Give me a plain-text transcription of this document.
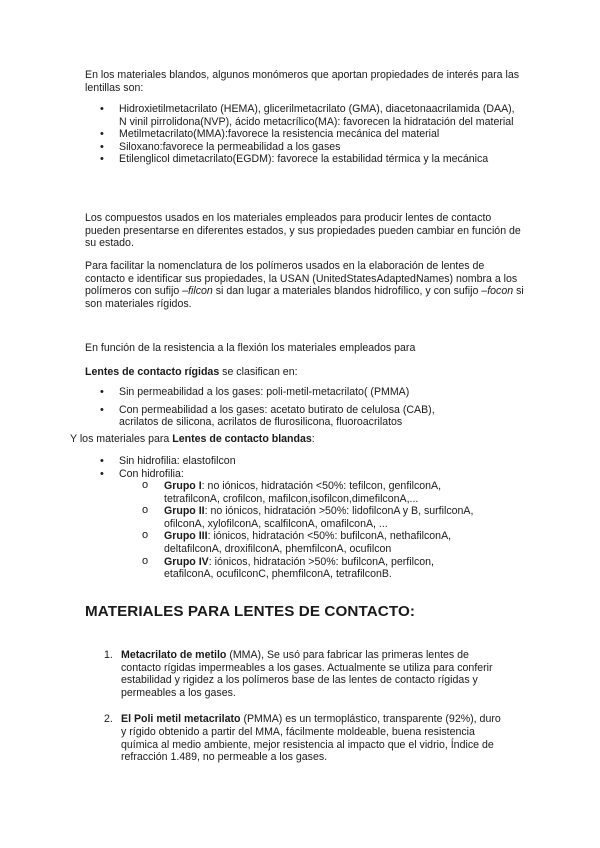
En los materiales blandos, algunos monómeros que aportan propiedades de interés para las lentillas son:

• Hidroxietilmetacrilato (HEMA), glicerilmetacrilato (GMA), diacetonaacrilamida (DAA), N vinil pirrolidona(NVP), ácido metacrílico(MA): favorecen la hidratación del material
• Metilmetacrilato(MMA):favorece la resistencia mecánica del material
• Siloxano:favorece la permeabilidad a los gases
• Etilenglicol dimetacrilato(EGDM): favorece la estabilidad térmica y la mecánica

Los compuestos usados en los materiales empleados para producir lentes de contacto pueden presentarse en diferentes estados, y sus propiedades pueden cambiar en función de su estado.

Para facilitar la nomenclatura de los polímeros usados en la elaboración de lentes de contacto e identificar sus propiedades, la USAN (UnitedStatesAdaptedNames) nombra a los polímeros con sufijo –filcon si dan lugar a materiales blandos hidrofílico, y con sufijo –focon si son materiales rígidos.

En función de la resistencia a la flexión los materiales empleados para

Lentes de contacto rígidas se clasifican en:

• Sin permeabilidad a los gases: poli-metil-metacrilato( (PMMA)
• Con permeabilidad a los gases: acetato butirato de celulosa (CAB), acrilatos de silicona, acrilatos de flurosilicona, fluoroacrilatos

Y los materiales para Lentes de contacto blandas:

• Sin hidrofilia: elastofilcon
• Con hidrofilia:
o Grupo I: no iónicos, hidratación <50%: tefilcon, genfilconA, tetrafilconA, crofilcon, mafilcon,isofilcon,dimefilconA,...
o Grupo II: no iónicos, hidratación >50%: lidofilconA y B, surfilconA, ofilconA, xylofilconA, scalfilconA, omafilconA, ...
o Grupo III: iónicos, hidratación <50%: bufilconA, nethafilconA, deltafilconA, droxifilconA, phemfilconA, ocufilcon
o Grupo IV: iónicos, hidratación >50%: bufilconA, perfilcon, etafilconA, ocufilconC, phemfilconA, tetrafilconB.
MATERIALES PARA LENTES DE CONTACTO:
1. Metacrilato de metilo (MMA), Se usó para fabricar las primeras lentes de contacto rígidas impermeables a los gases. Actualmente se utiliza para conferir estabilidad y rigidez a los polímeros base de las lentes de contacto rígidas y permeables a los gases.
2. El Poli metil metacrilato (PMMA) es un termoplástico, transparente (92%), duro y rígido obtenido a partir del MMA, fácilmente moldeable, buena resistencia química al medio ambiente, mejor resistencia al impacto que el vidrio, Índice de refracción 1.489, no permeable a los gases.
